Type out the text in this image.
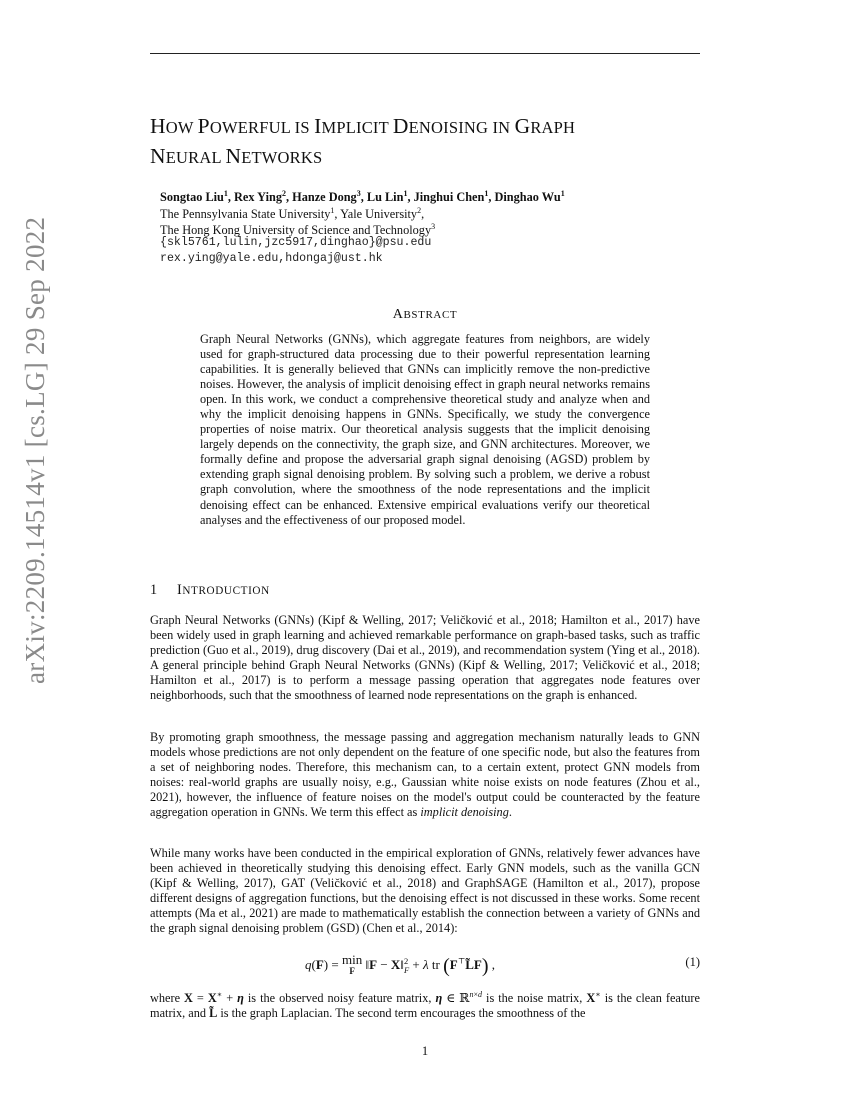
arXiv:2209.14514v1 [cs.LG] 29 Sep 2022
HOW POWERFUL IS IMPLICIT DENOISING IN GRAPH
NEURAL NETWORKS
Songtao Liu$^1$, Rex Ying$^2$, Hanze Dong$^3$, Lu Lin$^1$, Jinghui Chen$^1$, Dinghao Wu$^1$
The Pennsylvania State University$^1$, Yale University$^2$,
The Hong Kong University of Science and Technology$^3$
{skl5761,lulin,jzc5917,dinghao}@psu.edu
rex.ying@yale.edu,hdongaj@ust.hk
ABSTRACT
Graph Neural Networks (GNNs), which aggregate features from neighbors, are widely used for graph-structured data processing due to their powerful representation learning capabilities. It is generally believed that GNNs can implicitly remove the non-predictive noises. However, the analysis of implicit denoising effect in graph neural networks remains open. In this work, we conduct a comprehensive theoretical study and analyze when and why the implicit denoising happens in GNNs. Specifically, we study the convergence properties of noise matrix. Our theoretical analysis suggests that the implicit denoising largely depends on the connectivity, the graph size, and GNN architectures. Moreover, we formally define and propose the adversarial graph signal denoising (AGSD) problem by extending graph signal denoising problem. By solving such a problem, we derive a robust graph convolution, where the smoothness of the node representations and the implicit denoising effect can be enhanced. Extensive empirical evaluations verify our theoretical analyses and the effectiveness of our proposed model.
1 INTRODUCTION
Graph Neural Networks (GNNs) (Kipf & Welling, 2017; Veličković et al., 2018; Hamilton et al., 2017) have been widely used in graph learning and achieved remarkable performance on graph-based tasks, such as traffic prediction (Guo et al., 2019), drug discovery (Dai et al., 2019), and recommendation system (Ying et al., 2018). A general principle behind Graph Neural Networks (GNNs) (Kipf & Welling, 2017; Veličković et al., 2018; Hamilton et al., 2017) is to perform a message passing operation that aggregates node features over neighborhoods, such that the smoothness of learned node representations on the graph is enhanced.
By promoting graph smoothness, the message passing and aggregation mechanism naturally leads to GNN models whose predictions are not only dependent on the feature of one specific node, but also the features from a set of neighboring nodes. Therefore, this mechanism can, to a certain extent, protect GNN models from noises: real-world graphs are usually noisy, e.g., Gaussian white noise exists on node features (Zhou et al., 2021), however, the influence of feature noises on the model's output could be counteracted by the feature aggregation operation in GNNs. We term this effect as implicit denoising.
While many works have been conducted in the empirical exploration of GNNs, relatively fewer advances have been achieved in theoretically studying this denoising effect. Early GNN models, such as the vanilla GCN (Kipf & Welling, 2017), GAT (Veličković et al., 2018) and GraphSAGE (Hamilton et al., 2017), propose different designs of aggregation functions, but the denoising effect is not discussed in these works. Some recent attempts (Ma et al., 2021) are made to mathematically establish the connection between a variety of GNNs and the graph signal denoising problem (GSD) (Chen et al., 2014):
q(F) = min
F ‖F − X‖2
F + λ tr (F⊤L̃F) ,	(1)
where X = X∗ + η is the observed noisy feature matrix, η ∈ ℝ$^{n\times d}$ is the noise matrix, X∗ is the clean feature matrix, and L̃ is the graph Laplacian. The second term encourages the smoothness of the
1
